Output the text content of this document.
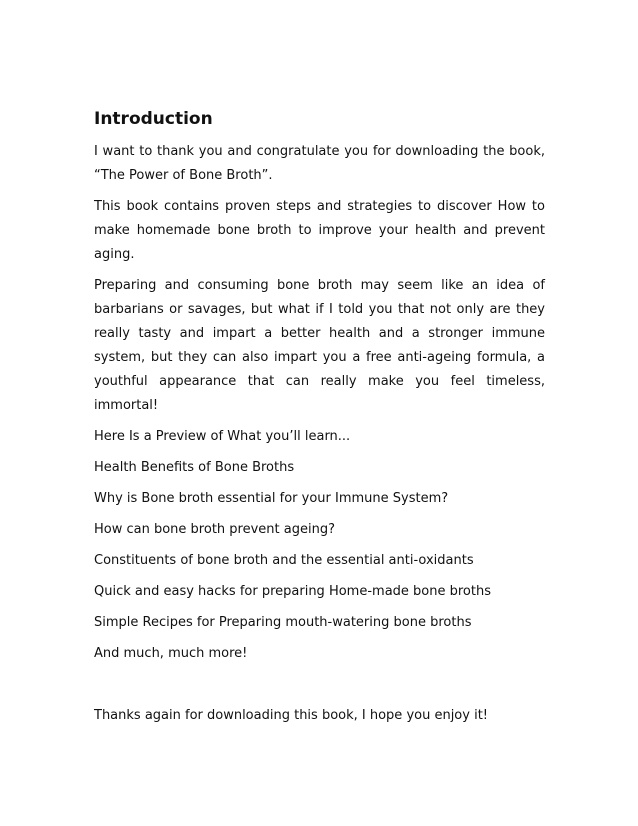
Introduction

I want to thank you and congratulate you for downloading the book, “The Power of Bone Broth”.

This book contains proven steps and strategies to discover How to make homemade bone broth to improve your health and prevent aging.

Preparing and consuming bone broth may seem like an idea of barbarians or savages, but what if I told you that not only are they really tasty and impart a better health and a stronger immune system, but they can also impart you a free anti-ageing formula, a youthful appearance that can really make you feel timeless, immortal!

Here Is a Preview of What you’ll learn...

Health Benefits of Bone Broths

Why is Bone broth essential for your Immune System?

How can bone broth prevent ageing?

Constituents of bone broth and the essential anti-oxidants

Quick and easy hacks for preparing Home-made bone broths

Simple Recipes for Preparing mouth-watering bone broths

And much, much more!

Thanks again for downloading this book, I hope you enjoy it!
